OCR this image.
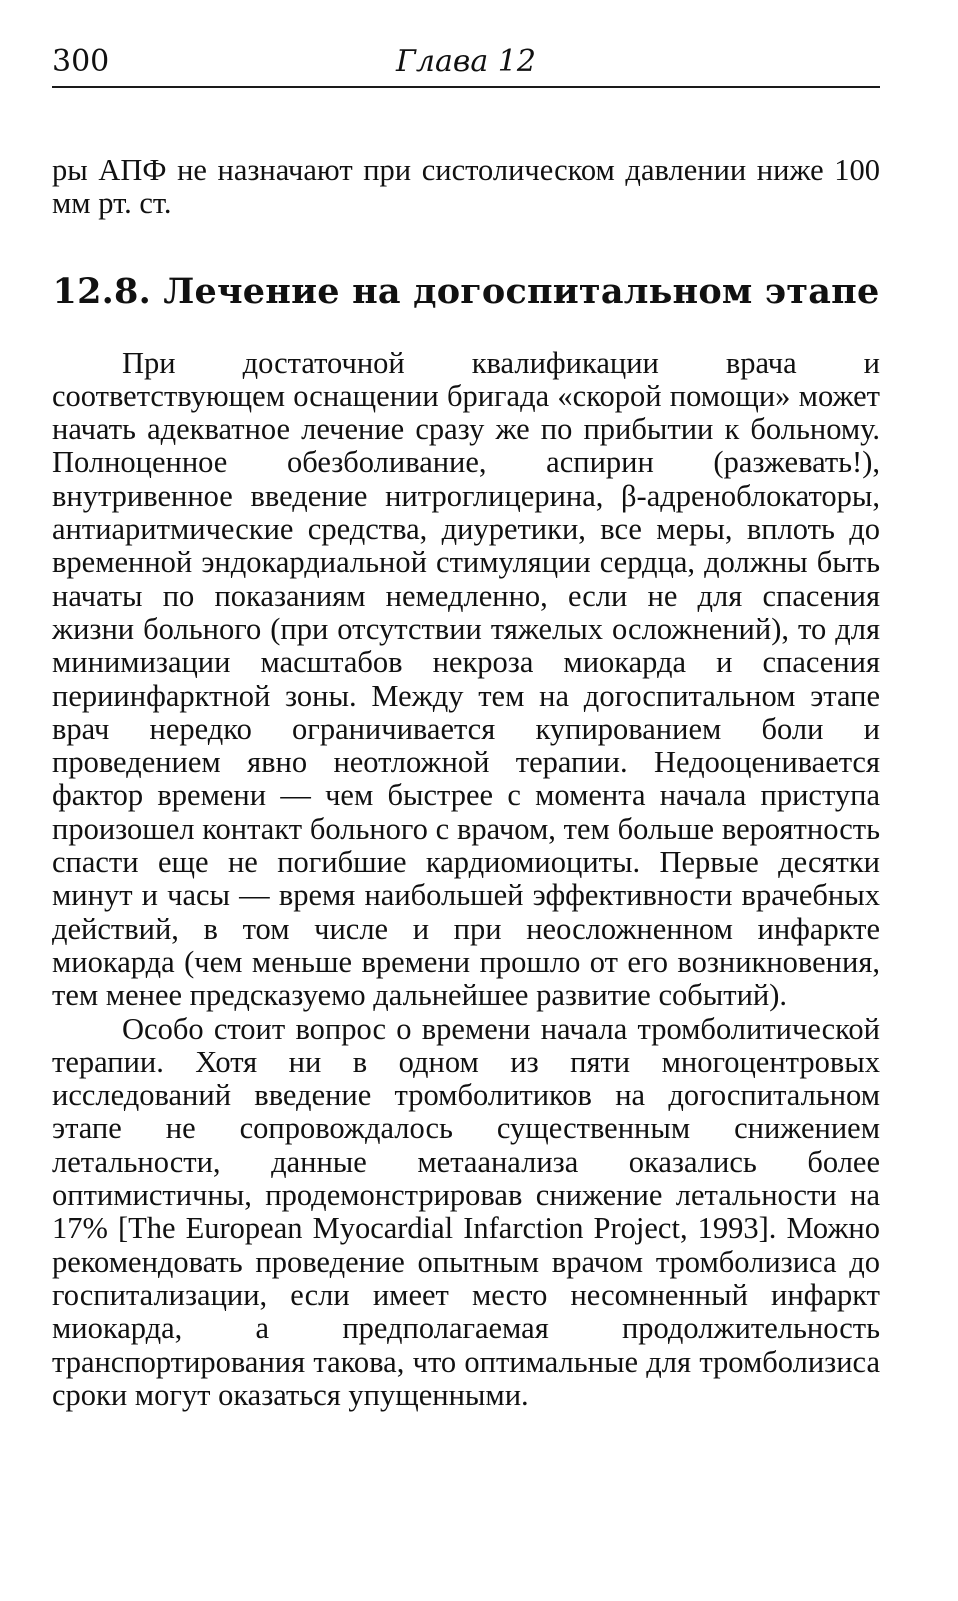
300	Глава 12

ры АПФ не назначают при систолическом давлении ниже 100 мм рт. ст.

12.8. Лечение на догоспитальном этапе

При достаточной квалификации врача и соответствующем оснащении бригада «скорой помощи» может начать адекватное лечение сразу же по прибытии к больному. Полноценное обезболивание, аспирин (разжевать!), внутривенное введение нитроглицерина, β-адреноблокаторы, антиаритмические средства, диуретики, все меры, вплоть до временной эндокардиальной стимуляции сердца, должны быть начаты по показаниям немедленно, если не для спасения жизни больного (при отсутствии тяжелых осложнений), то для минимизации масштабов некроза миокарда и спасения периинфарктной зоны. Между тем на догоспитальном этапе врач нередко ограничивается купированием боли и проведением явно неотложной терапии. Недооценивается фактор времени — чем быстрее с момента начала приступа произошел контакт больного с врачом, тем больше вероятность спасти еще не погибшие кардиомиоциты. Первые десятки минут и часы — время наибольшей эффективности врачебных действий, в том числе и при неосложненном инфаркте миокарда (чем меньше времени прошло от его возникновения, тем менее предсказуемо дальнейшее развитие событий).

Особо стоит вопрос о времени начала тромболитической терапии. Хотя ни в одном из пяти многоцентровых исследований введение тромболитиков на догоспитальном этапе не сопровождалось существенным снижением летальности, данные метаанализа оказались более оптимистичны, продемонстрировав снижение летальности на 17% [The European Myocardial Infarction Project, 1993]. Можно рекомендовать проведение опытным врачом тромболизиса до госпитализации, если имеет место несомненный инфаркт миокарда, а предполагаемая продолжительность транспортирования такова, что оптимальные для тромболизиса сроки могут оказаться упущенными.
